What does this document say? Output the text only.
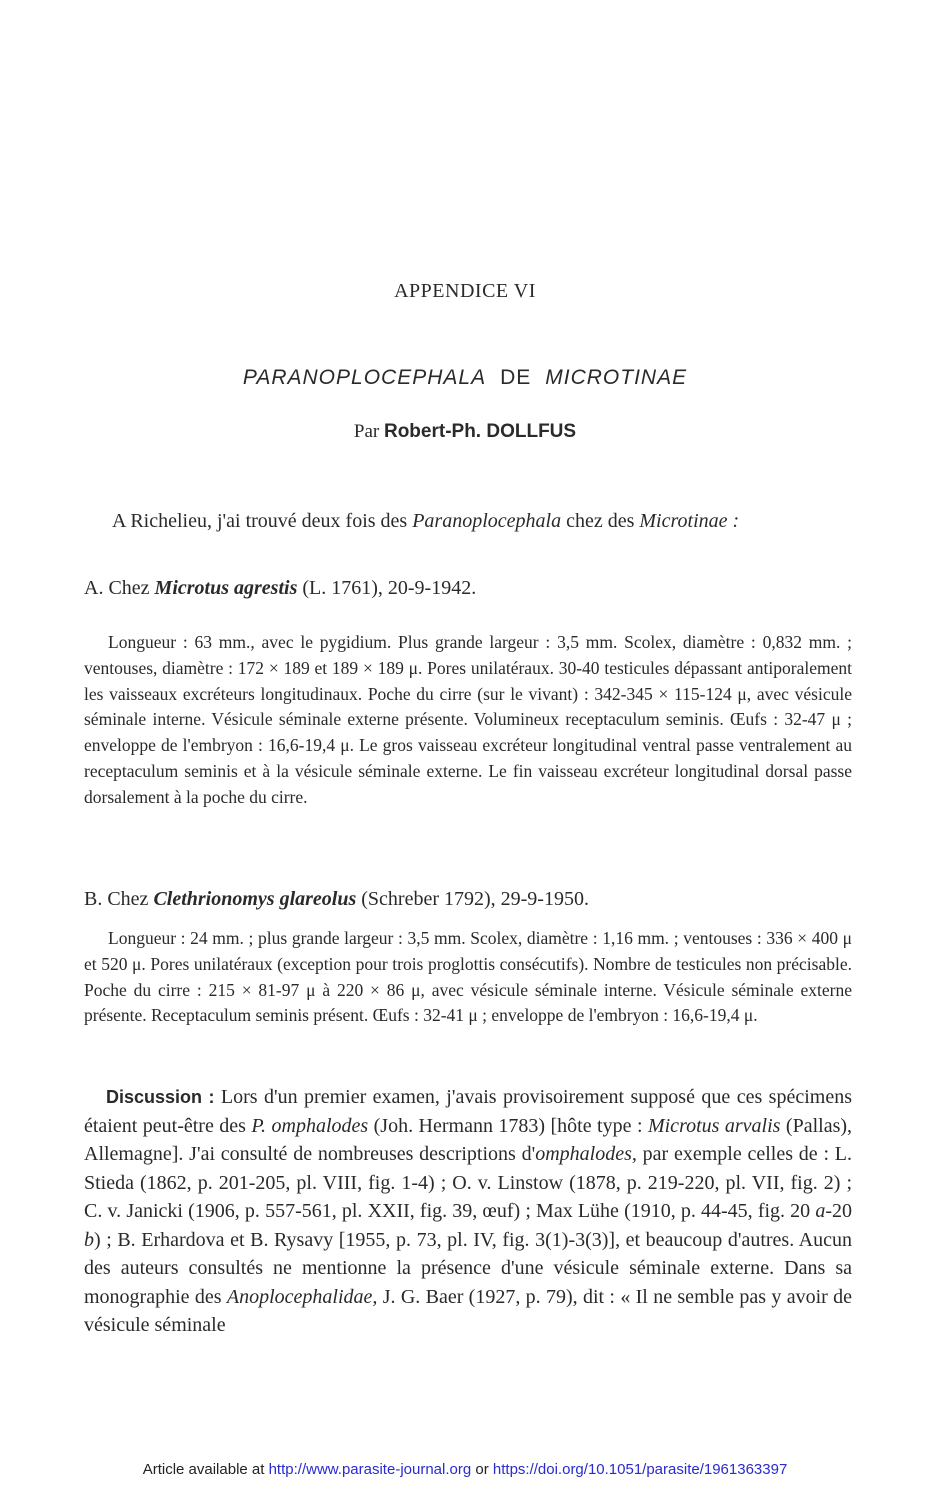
APPENDICE VI
PARANOPLOCEPHALA DE MICROTINAE
Par Robert-Ph. DOLLFUS
A Richelieu, j'ai trouvé deux fois des Paranoplocephala chez des Microtinae :
A. Chez Microtus agrestis (L. 1761), 20-9-1942.
Longueur : 63 mm., avec le pygidium. Plus grande largeur : 3,5 mm. Scolex, diamètre : 0,832 mm. ; ventouses, diamètre : 172 × 189 et 189 × 189 μ. Pores unilatéraux. 30-40 testicules dépassant antiporalement les vaisseaux excréteurs longitudinaux. Poche du cirre (sur le vivant) : 342-345 × 115-124 μ, avec vésicule séminale interne. Vésicule séminale externe présente. Volumineux receptaculum seminis. Œufs : 32-47 μ ; enveloppe de l'embryon : 16,6-19,4 μ. Le gros vaisseau excréteur longitudinal ventral passe ventralement au receptaculum seminis et à la vésicule séminale externe. Le fin vaisseau excréteur longitudinal dorsal passe dorsalement à la poche du cirre.
B. Chez Clethrionomys glareolus (Schreber 1792), 29-9-1950.
Longueur : 24 mm. ; plus grande largeur : 3,5 mm. Scolex, diamètre : 1,16 mm. ; ventouses : 336 × 400 μ et 520 μ. Pores unilatéraux (exception pour trois proglottis consécutifs). Nombre de testicules non précisable. Poche du cirre : 215 × 81-97 μ à 220 × 86 μ, avec vésicule séminale interne. Vésicule séminale externe présente. Receptaculum seminis présent. Œufs : 32-41 μ ; enveloppe de l'embryon : 16,6-19,4 μ.
Discussion : Lors d'un premier examen, j'avais provisoirement supposé que ces spécimens étaient peut-être des P. omphalodes (Joh. Hermann 1783) [hôte type : Microtus arvalis (Pallas), Allemagne]. J'ai consulté de nombreuses descriptions d'omphalodes, par exemple celles de : L. Stieda (1862, p. 201-205, pl. VIII, fig. 1-4) ; O. v. Linstow (1878, p. 219-220, pl. VII, fig. 2) ; C. v. Janicki (1906, p. 557-561, pl. XXII, fig. 39, œuf) ; Max Lühe (1910, p. 44-45, fig. 20 a-20 b) ; B. Erhardova et B. Rysavy [1955, p. 73, pl. IV, fig. 3(1)-3(3)], et beaucoup d'autres. Aucun des auteurs consultés ne mentionne la présence d'une vésicule séminale externe. Dans sa monographie des Anoplocephalidae, J. G. Baer (1927, p. 79), dit : « Il ne semble pas y avoir de vésicule séminale
Article available at http://www.parasite-journal.org or https://doi.org/10.1051/parasite/1961363397
